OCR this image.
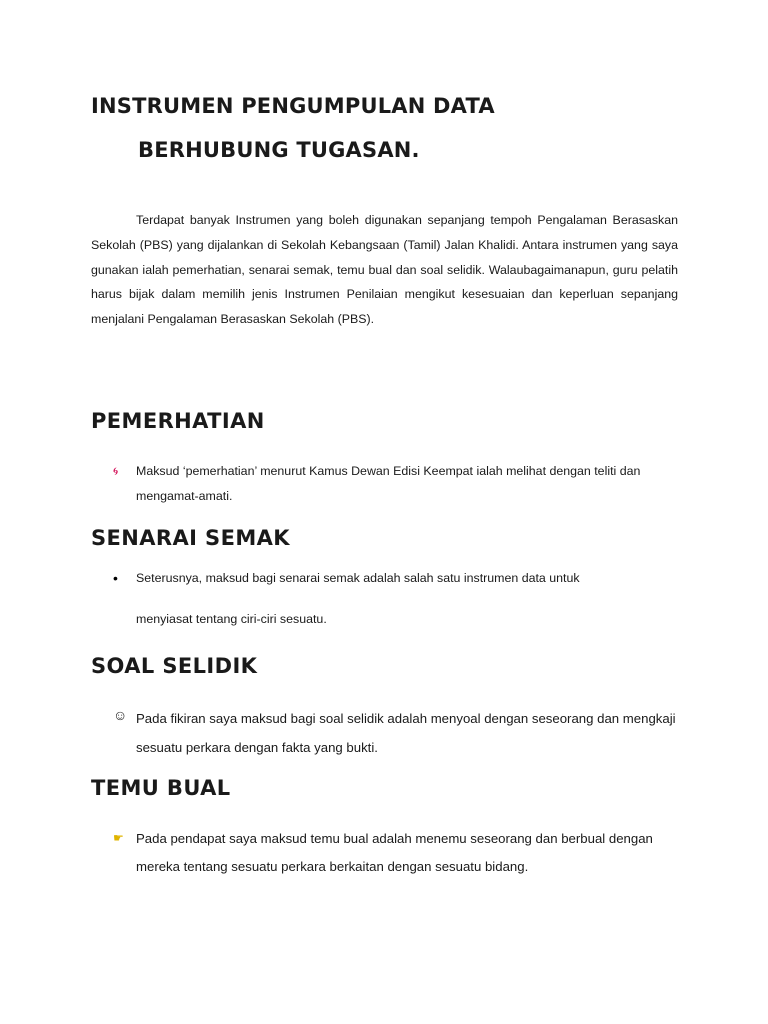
INSTRUMEN PENGUMPULAN DATA
BERHUBUNG TUGASAN.

Terdapat banyak Instrumen yang boleh digunakan sepanjang tempoh Pengalaman Berasaskan Sekolah (PBS) yang dijalankan di Sekolah Kebangsaan (Tamil) Jalan Khalidi. Antara instrumen yang saya gunakan ialah pemerhatian, senarai semak, temu bual dan soal selidik. Walaubagaimanapun, guru pelatih harus bijak dalam memilih jenis Instrumen Penilaian mengikut kesesuaian dan keperluan sepanjang menjalani Pengalaman Berasaskan Sekolah (PBS).

PEMERHATIAN
🌀︎ Maksud ‘pemerhatian’ menurut Kamus Dewan Edisi Keempat ialah melihat dengan teliti dan mengamat-amati.

SENARAI SEMAK
• Seterusnya, maksud bagi senarai semak adalah salah satu instrumen data untuk

menyiasat tentang ciri-ciri sesuatu.

SOAL SELIDIK
☺ Pada fikiran saya maksud bagi soal selidik adalah menyoal dengan seseorang dan mengkaji sesuatu perkara dengan fakta yang bukti.

TEMU BUAL
☛ Pada pendapat saya maksud temu bual adalah menemu seseorang dan berbual dengan mereka tentang sesuatu perkara berkaitan dengan sesuatu bidang.
